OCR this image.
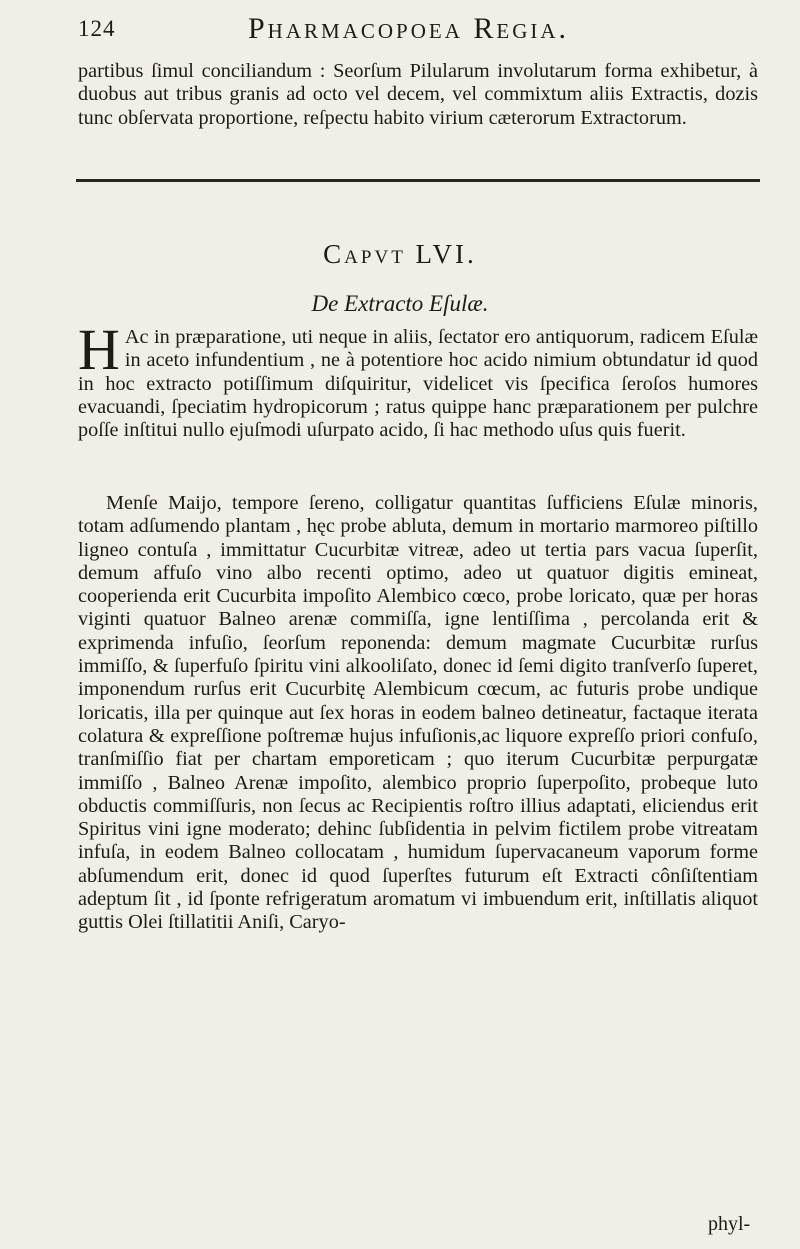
124	Pharmacopoea Regia.

partibus ſimul conciliandum : Seorſum Pilularum involutarum forma exhibetur, à duobus aut tribus granis ad octo vel decem, vel commixtum aliis Extractis, dozis tunc obſervata proportione, reſpectu habito virium cæterorum Extractorum.

Capvt LVI.

De Extracto Eſulæ.

H Ac in præparatione, uti neque in aliis, ſectator ero antiquorum, radicem Eſulæ in aceto infundentium , ne à potentiore hoc acido nimium obtundatur id quod in hoc extracto potiſſimum diſquiritur, videlicet vis ſpecifica ſeroſos humores evacuandi, ſpeciatim hydropicorum ; ratus quippe hanc præparationem per pulchre poſſe inſtitui nullo ejuſmodi uſurpato acido, ſi hac methodo uſus quis fuerit.

Menſe Maijo, tempore ſereno, colligatur quantitas ſufficiens Eſulæ minoris, totam adſumendo plantam , hęc probe abluta, demum in mortario marmoreo piſtillo ligneo contuſa , immittatur Cucurbitæ vitreæ, adeo ut tertia pars vacua ſuperſit, demum affuſo vino albo recenti optimo, adeo ut quatuor digitis emineat, cooperienda erit Cucurbita impoſito Alembico cœco, probe loricato, quæ per horas viginti quatuor Balneo arenæ commiſſa, igne lentiſſima , percolanda erit & exprimenda infuſio, ſeorſum reponenda: demum magmate Cucurbitæ rurſus immiſſo, & ſuperfuſo ſpiritu vini alkooliſato, donec id ſemi digito tranſverſo ſuperet, imponendum rurſus erit Cucurbitę Alembicum cœcum, ac futuris probe undique loricatis, illa per quinque aut ſex horas in eodem balneo detineatur, factaque iterata colatura & expreſſione poſtremæ hujus infuſionis,ac liquore expreſſo priori confuſo, tranſmiſſio fiat per chartam emporeticam ; quo iterum Cucurbitæ perpurgatæ immiſſo , Balneo Arenæ impoſito, alembico proprio ſuperpoſito, probeque luto obductis commiſſuris, non ſecus ac Recipientis roſtro illius adaptati, eliciendus erit Spiritus vini igne moderato; dehinc ſubſidentia in pelvim fictilem probe vitreatam infuſa, in eodem Balneo collocatam , humidum ſupervacaneum vaporum forme abſumendum erit, donec id quod ſuperſtes futurum eſt Extracti cônſiſtentiam adeptum ſit , id ſponte refrigeratum aromatum vi imbuendum erit, inſtillatis aliquot guttis Olei ſtillatitii Aniſi, Caryo-

phyl-
